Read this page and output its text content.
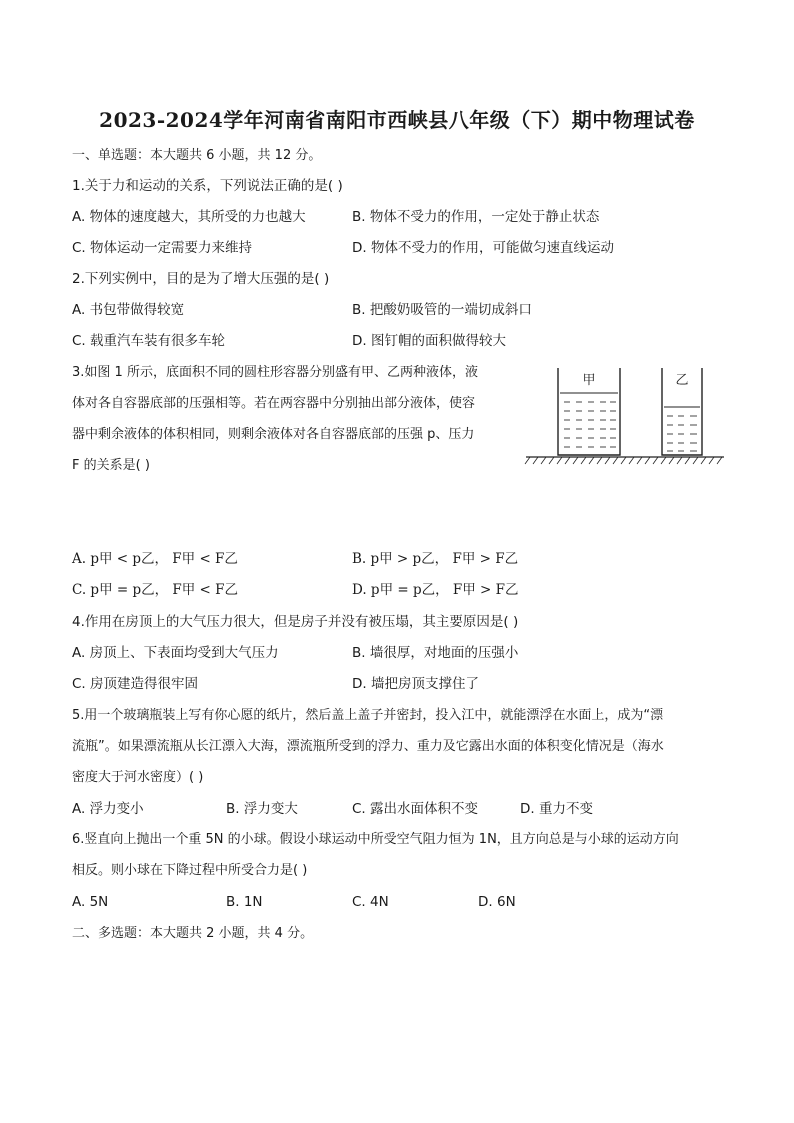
2023-2024学年河南省南阳市西峡县八年级（下）期中物理试卷
一、单选题：本大题共 6 小题，共 12 分。
1.关于力和运动的关系，下列说法正确的是( )
A. 物体的速度越大，其所受的力也越大	B. 物体不受力的作用，一定处于静止状态
C. 物体运动一定需要力来维持	D. 物体不受力的作用，可能做匀速直线运动
2.下列实例中，目的是为了增大压强的是( )
A. 书包带做得较宽	B. 把酸奶吸管的一端切成斜口
C. 载重汽车装有很多车轮	D. 图钉帽的面积做得较大
3.如图 1 所示，底面积不同的圆柱形容器分别盛有甲、乙两种液体，液
体对各自容器底部的压强相等。若在两容器中分别抽出部分液体，使容
器中剩余液体的体积相同，则剩余液体对各自容器底部的压强 p、压力
F 的关系是( )
甲	乙
A. p甲 < p乙， F甲 < F乙	B. p甲 > p乙， F甲 > F乙
C. p甲 = p乙， F甲 < F乙	D. p甲 = p乙， F甲 > F乙
4.作用在房顶上的大气压力很大，但是房子并没有被压塌，其主要原因是( )
A. 房顶上、下表面均受到大气压力	B. 墙很厚，对地面的压强小
C. 房顶建造得很牢固	D. 墙把房顶支撑住了
5.用一个玻璃瓶装上写有你心愿的纸片，然后盖上盖子并密封，投入江中，就能漂浮在水面上，成为“漂
流瓶”。如果漂流瓶从长江漂入大海，漂流瓶所受到的浮力、重力及它露出水面的体积变化情况是（海水
密度大于河水密度）( )
A. 浮力变小	B. 浮力变大	C. 露出水面体积不变	D. 重力不变
6.竖直向上抛出一个重 5N 的小球。假设小球运动中所受空气阻力恒为 1N，且方向总是与小球的运动方向
相反。则小球在下降过程中所受合力是( )
A. 5N	B. 1N	C. 4N	D. 6N
二、多选题：本大题共 2 小题，共 4 分。
